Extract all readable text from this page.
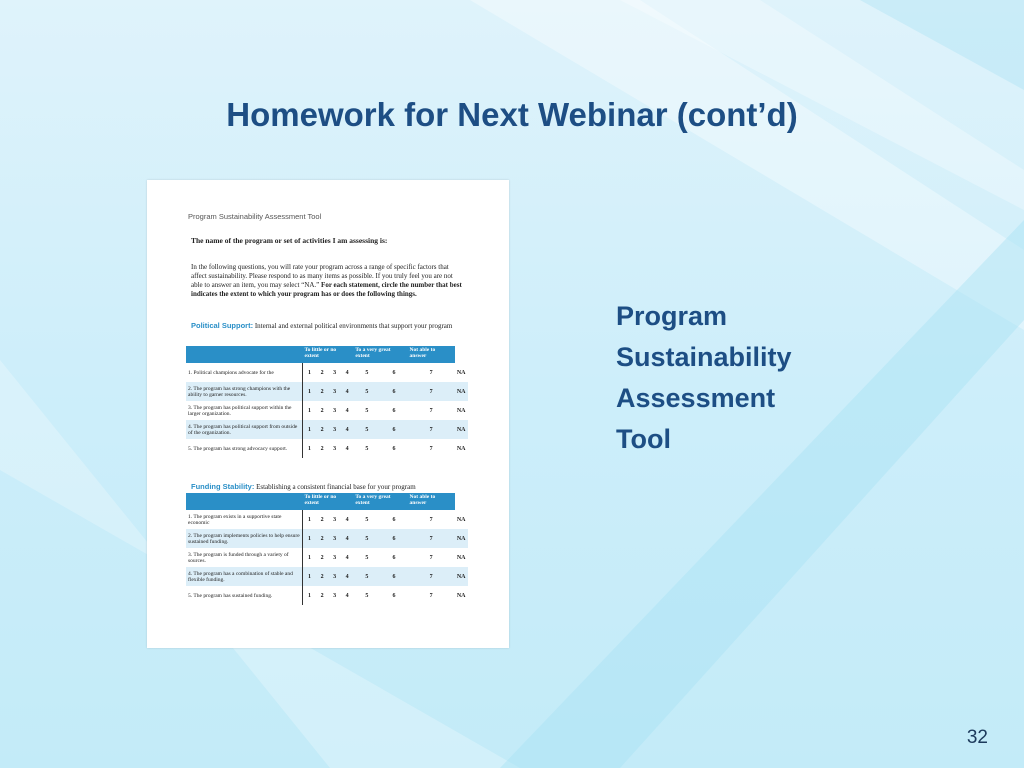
Homework for Next Webinar (cont’d)
Program Sustainability Assessment Tool
The name of the program or set of activities I am assessing is:
In the following questions, you will rate your program across a range of specific factors that affect sustainability. Please respond to as many items as possible. If you truly feel you are not able to answer an item, you may select “NA.” For each statement, circle the number that best indicates the extent to which your program has or does the following things.
Political Support: Internal and external political environments that support your program
	To little or no extent				To a very great extent		Not able to answer	
1. Political champions advocate for the	1	2	3	4	5	6	7	NA
2. The program has strong champions with the ability to garner resources.	1	2	3	4	5	6	7	NA
3. The program has political support within the larger organization.	1	2	3	4	5	6	7	NA
4. The program has political support from outside of the organization.	1	2	3	4	5	6	7	NA
5. The program has strong advocacy support.	1	2	3	4	5	6	7	NA
Funding Stability: Establishing a consistent financial base for your program
	To little or no extent				To a very great extent		Not able to answer	
1. The program exists in a supportive state economic	1	2	3	4	5	6	7	NA
2. The program implements policies to help ensure sustained funding.	1	2	3	4	5	6	7	NA
3. The program is funded through a variety of sources.	1	2	3	4	5	6	7	NA
4. The program has a combination of stable and flexible funding.	1	2	3	4	5	6	7	NA
5. The program has sustained funding.	1	2	3	4	5	6	7	NA
Program
Sustainability
Assessment
Tool
32
